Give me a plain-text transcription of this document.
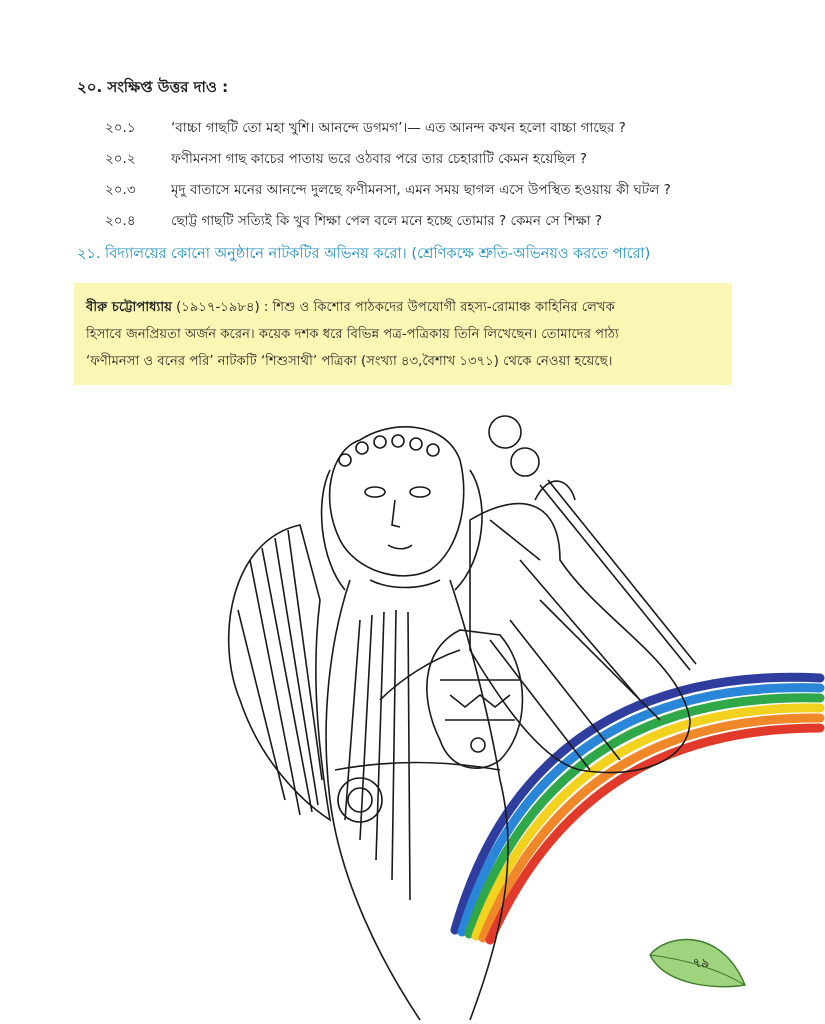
২০. সংক্ষিপ্ত উত্তর দাও :
২০.১	‘বাচ্চা গাছটি তো মহা খুশি। আনন্দে ডগমগ’।— এত আনন্দ কখন হলো বাচ্চা গাছের ?
২০.২	ফণীমনসা গাছ কাচের পাতায় ভরে ওঠবার পরে তার চেহারাটি কেমন হয়েছিল ?
২০.৩	মৃদু বাতাসে মনের আনন্দে দুলছে ফণীমনসা, এমন সময় ছাগল এসে উপস্থিত হওয়ায় কী ঘটল ?
২০.৪	ছোট্ট গাছটি সত্যিই কি খুব শিক্ষা পেল বলে মনে হচ্ছে তোমার ? কেমন সে শিক্ষা ?
২১. বিদ্যালয়ের কোনো অনুষ্ঠানে নাটকটির অভিনয় করো। (শ্রেণিকক্ষে শ্রুতি-অভিনয়ও করতে পারো)
বীরু চট্টোপাধ্যায় (১৯১৭-১৯৮৪) : শিশু ও কিশোর পাঠকদের উপযোগী রহস্য-রোমাঞ্চ কাহিনির লেখক
হিসাবে জনপ্রিয়তা অর্জন করেন। কয়েক দশক ধরে বিভিন্ন পত্র-পত্রিকায় তিনি লিখেছেন। তোমাদের পাঠ্য
‘ফণীমনসা ও বনের পরি’ নাটকটি ‘শিশুসাথী’ পত্রিকা (সংখ্যা ৪৩,বৈশাখ ১৩৭১) থেকে নেওয়া হয়েছে।
৭৯
